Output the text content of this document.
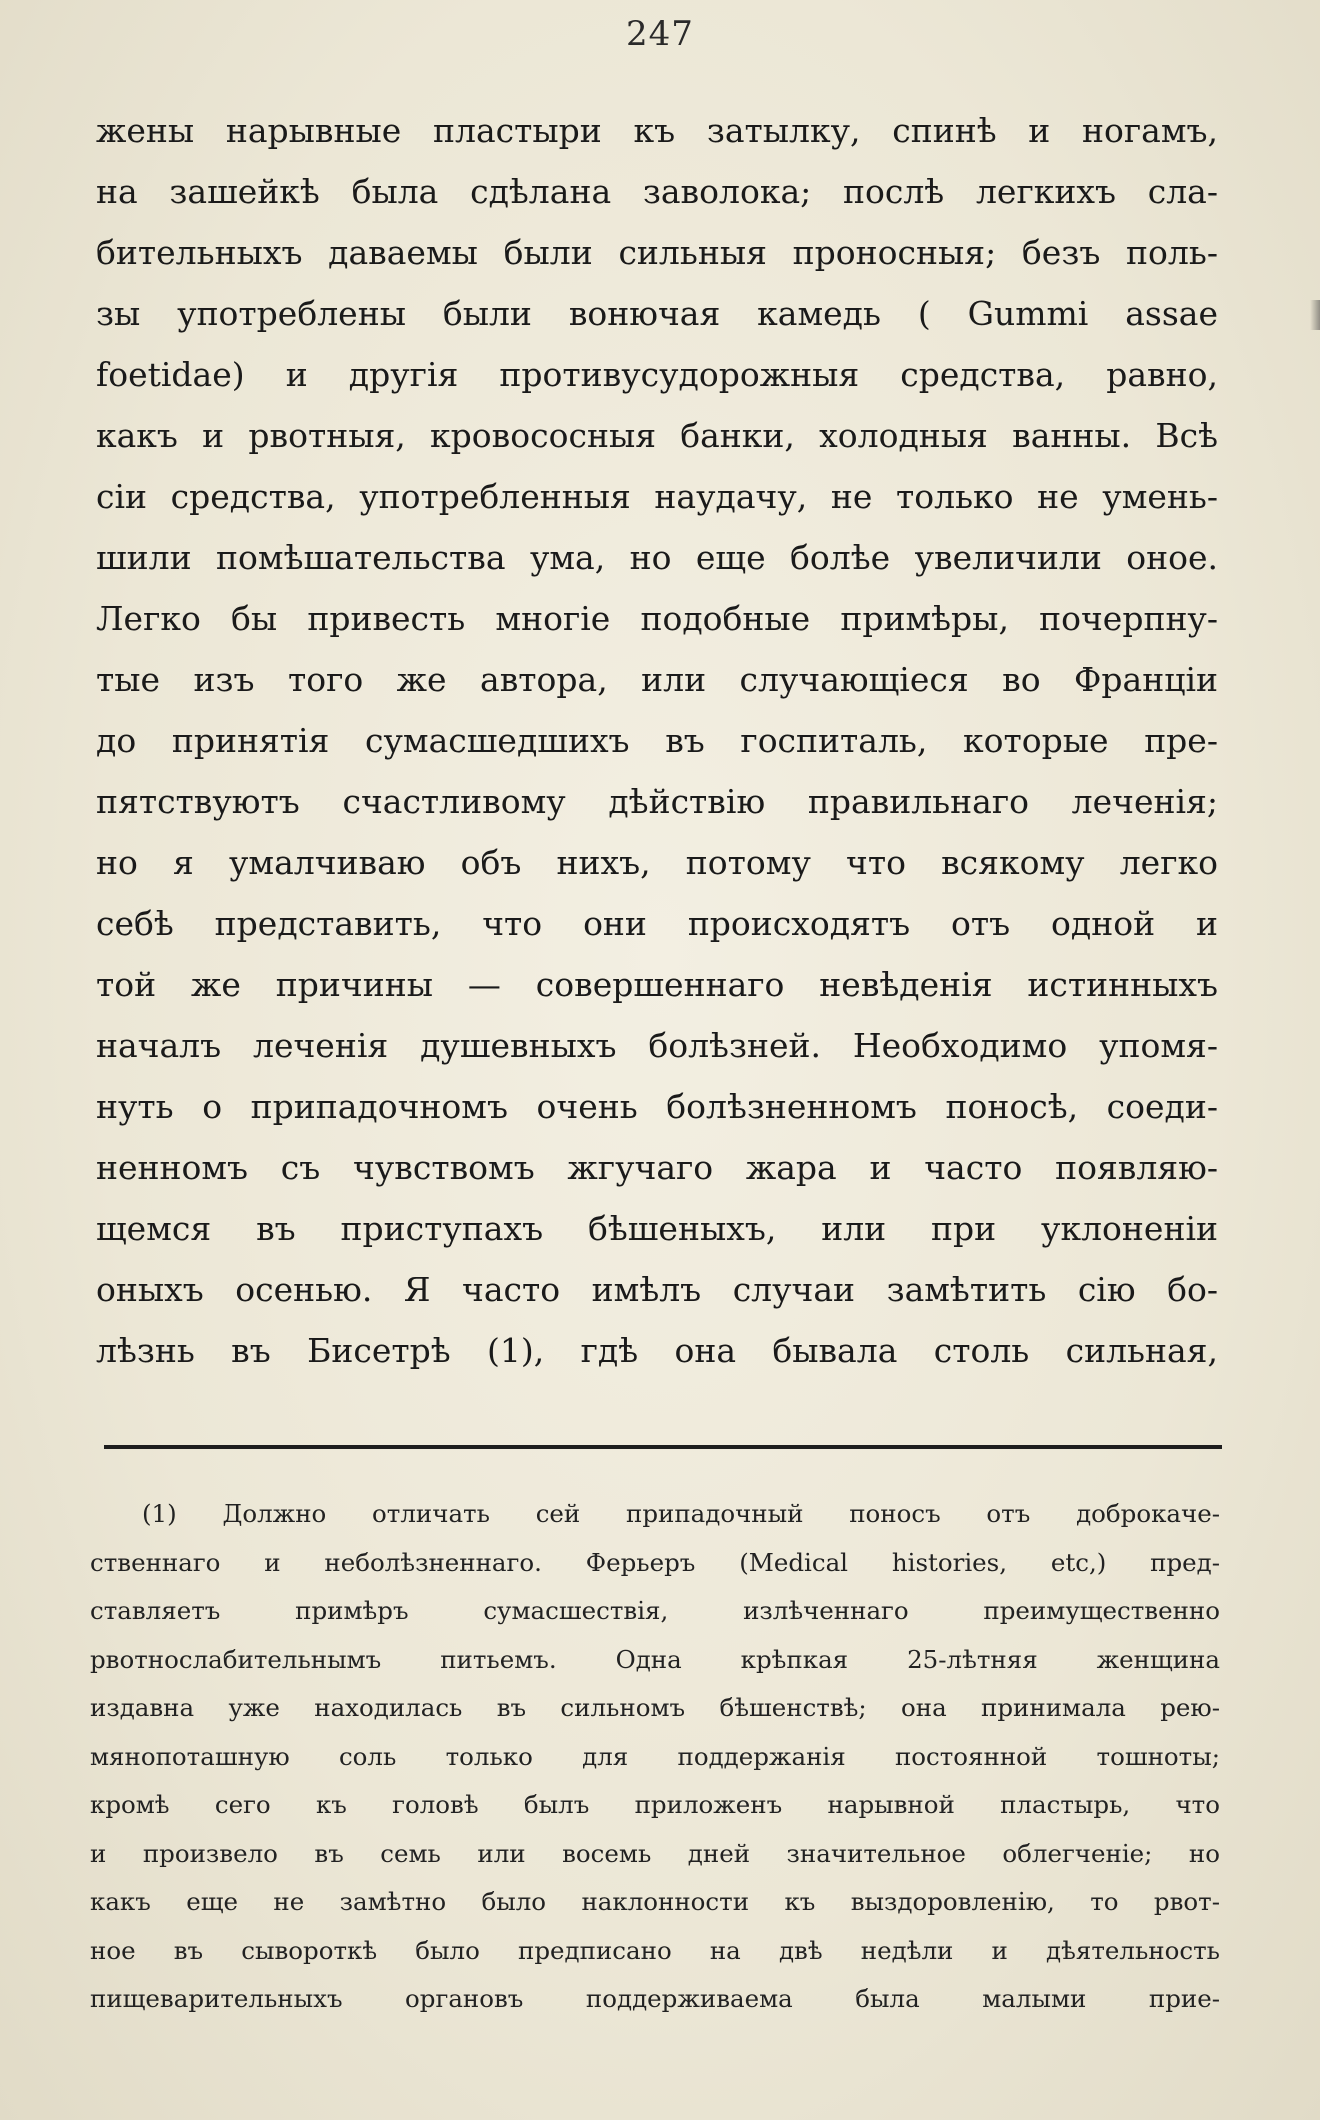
247
жены нарывные пластыри къ затылку, спинѣ и ногамъ,
на зашейкѣ была сдѣлана заволока; послѣ легкихъ сла-
бительныхъ даваемы были сильныя проносныя; безъ поль-
зы употреблены были вонючая камедь ( Gummi assae
foetidae) и другія противусудорожныя средства, равно,
какъ и рвотныя, кровососныя банки, холодныя ванны. Всѣ
сіи средства, употребленныя наудачу, не только не умень-
шили помѣшательства ума, но еще болѣе увеличили оное.
Легко бы привесть многіе подобные примѣры, почерпну-
тые изъ того же автора, или случающіеся во Франціи
до принятія сумасшедшихъ въ госпиталь, которые пре-
пятствуютъ счастливому дѣйствію правильнаго леченія;
но я умалчиваю объ нихъ, потому что всякому легко
себѣ представить, что они происходятъ отъ одной и
той же причины — совершеннаго невѣденія истинныхъ
началъ леченія душевныхъ болѣзней. Необходимо упомя-
нуть о припадочномъ очень болѣзненномъ поносѣ, соеди-
ненномъ съ чувствомъ жгучаго жара и часто появляю-
щемся въ приступахъ бѣшеныхъ, или при уклоненіи
оныхъ осенью. Я часто имѣлъ случаи замѣтить сію бо-
лѣзнь въ Бисетрѣ (1), гдѣ она бывала столь сильная,
(1) Должно отличать сей припадочный поносъ отъ доброкаче-
ственнаго и неболѣзненнаго. Ферьеръ (Medical histories, etc,) пред-
ставляетъ примѣръ сумасшествія, излѣченнаго преимущественно
рвотнослабительнымъ питьемъ. Одна крѣпкая 25-лѣтняя женщина
издавна уже находилась въ сильномъ бѣшенствѣ; она принимала рею-
мянопоташную соль только для поддержанія постоянной тошноты;
кромѣ сего къ головѣ былъ приложенъ нарывной пластырь, что
и произвело въ семь или восемь дней значительное облегченіе; но
какъ еще не замѣтно было наклонности къ выздоровленію, то рвот-
ное въ сывороткѣ было предписано на двѣ недѣли и дѣятельность
пищеварительныхъ органовъ поддерживаема была малыми прие-
